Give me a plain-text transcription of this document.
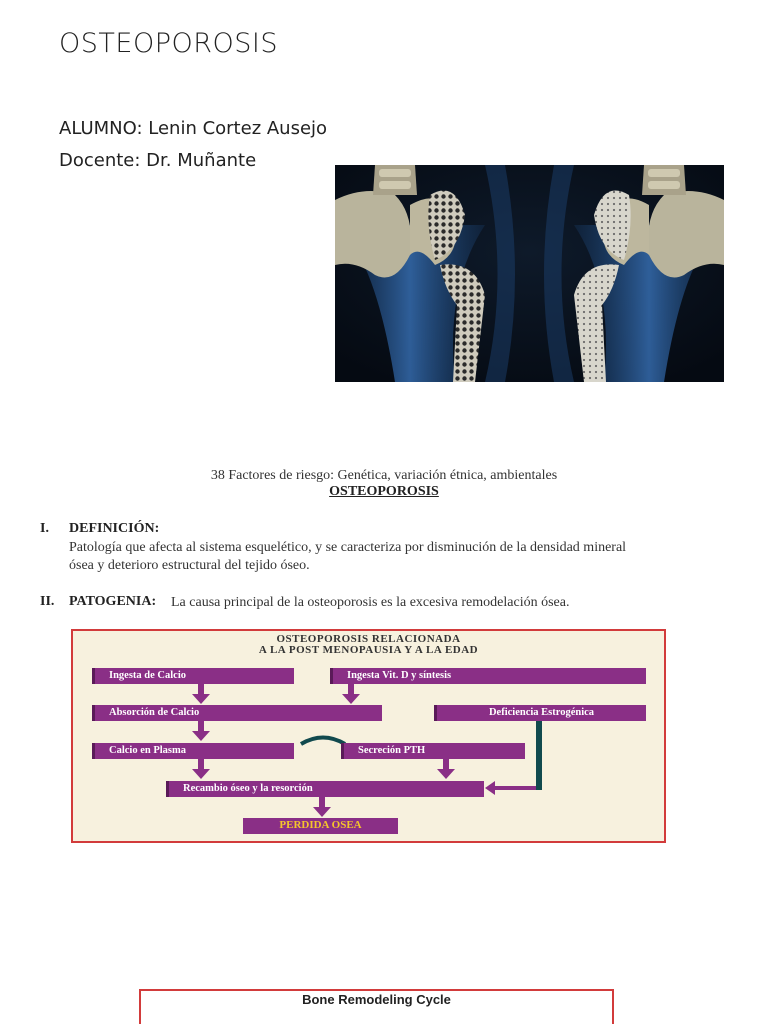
OSTEOPOROSIS
ALUMNO: Lenin Cortez Ausejo
Docente: Dr. Muñante
38 Factores de riesgo: Genética, variación étnica, ambientales
OSTEOPOROSIS
I. DEFINICIÓN:
Patología que afecta al sistema esquelético, y se caracteriza por disminución de la densidad mineral
ósea y deterioro estructural del tejido óseo.
II. PATOGENIA: La causa principal de la osteoporosis es la excesiva remodelación ósea.
OSTEOPOROSIS RELACIONADA
A LA POST MENOPAUSIA Y A LA EDAD
Ingesta de Calcio	Ingesta Vit. D y síntesis
Absorción de Calcio	Deficiencia Estrogénica
Calcio en Plasma	Secreción PTH
Recambio óseo y la resorción
PERDIDA OSEA
Bone Remodeling Cycle
